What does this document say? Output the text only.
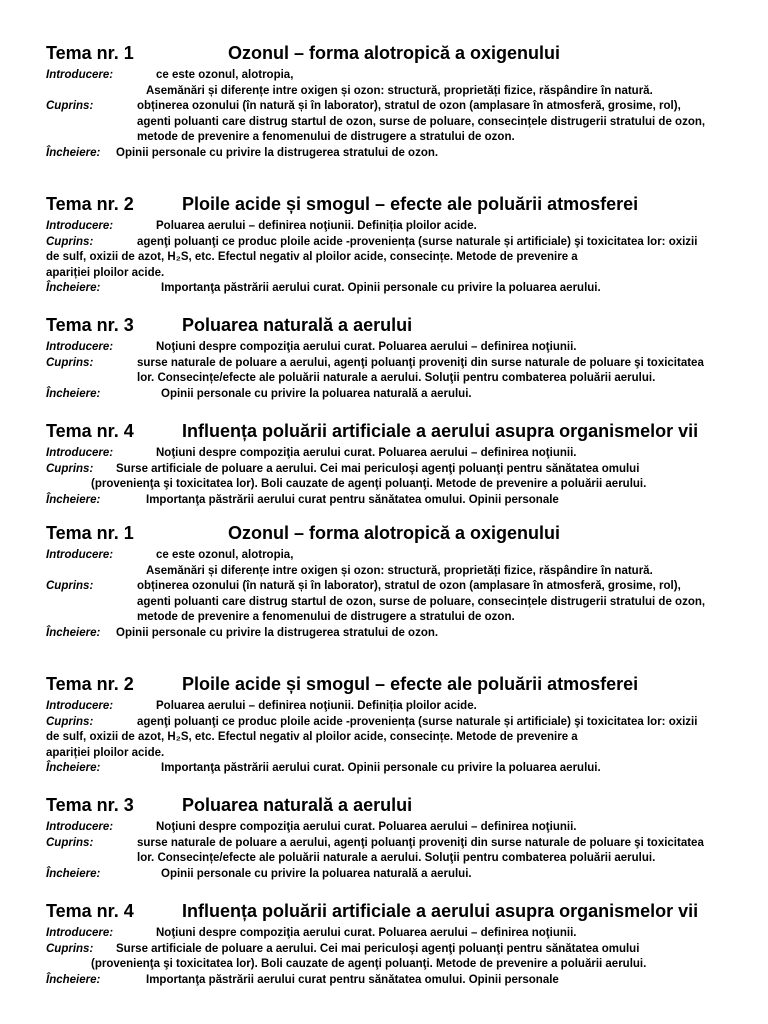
Tema nr. 1	Ozonul – forma alotropică a oxigenului
Introducere:	ce este ozonul, alotropia,
Asemănări și diferențe intre oxigen și ozon: structură, proprietăți fizice, răspândire în natură.
Cuprins:	obținerea ozonului (în natură și în laborator), stratul de ozon (amplasare în atmosferă, grosime, rol),
agenti poluanti care distrug startul de ozon, surse de poluare, consecințele distrugerii stratului de ozon,
metode de prevenire a fenomenului de distrugere a stratului de ozon.
Încheiere:	Opinii personale cu privire la distrugerea stratului de ozon.
Tema nr. 2	Ploile acide și smogul – efecte ale poluării atmosferei
Introducere:	Poluarea aerului – definirea noţiunii. Definiția ploilor acide.
Cuprins:	agenţi poluanţi ce produc ploile acide -proveniența (surse naturale și artificiale) şi toxicitatea lor: oxizii
de sulf, oxizii de azot, H₂S, etc. Efectul negativ al ploilor acide, consecințe. Metode de prevenire a
apariției ploilor acide.
Încheiere:	Importanţa păstrării aerului curat. Opinii personale cu privire la poluarea aerului.
Tema nr. 3	Poluarea naturală a aerului
Introducere:	Noţiuni despre compoziţia aerului curat. Poluarea aerului – definirea noţiunii.
Cuprins:	surse naturale de poluare a aerului, agenţi poluanţi proveniţi din surse naturale de poluare şi toxicitatea
lor. Consecințe/efecte ale poluării naturale a aerului. Soluţii pentru combaterea poluării aerului.
Încheiere:	Opinii personale cu privire la poluarea naturală a aerului.
Tema nr. 4	Influența poluării artificiale a aerului asupra organismelor vii
Introducere:	Noţiuni despre compoziţia aerului curat. Poluarea aerului – definirea noţiunii.
Cuprins:	Surse artificiale de poluare a aerului. Cei mai periculoşi agenţi poluanţi pentru sănătatea omului
(provenienţa şi toxicitatea lor). Boli cauzate de agenţi poluanţi. Metode de prevenire a poluării aerului.
Încheiere:	Importanţa păstrării aerului curat pentru sănătatea omului. Opinii personale
Tema nr. 1	Ozonul – forma alotropică a oxigenului
Introducere:	ce este ozonul, alotropia,
Asemănări și diferențe intre oxigen și ozon: structură, proprietăți fizice, răspândire în natură.
Cuprins:	obținerea ozonului (în natură și în laborator), stratul de ozon (amplasare în atmosferă, grosime, rol),
agenti poluanti care distrug startul de ozon, surse de poluare, consecințele distrugerii stratului de ozon,
metode de prevenire a fenomenului de distrugere a stratului de ozon.
Încheiere:	Opinii personale cu privire la distrugerea stratului de ozon.
Tema nr. 2	Ploile acide și smogul – efecte ale poluării atmosferei
Introducere:	Poluarea aerului – definirea noţiunii. Definiția ploilor acide.
Cuprins:	agenţi poluanţi ce produc ploile acide -proveniența (surse naturale și artificiale) şi toxicitatea lor: oxizii
de sulf, oxizii de azot, H₂S, etc. Efectul negativ al ploilor acide, consecințe. Metode de prevenire a
apariției ploilor acide.
Încheiere:	Importanţa păstrării aerului curat. Opinii personale cu privire la poluarea aerului.
Tema nr. 3	Poluarea naturală a aerului
Introducere:	Noţiuni despre compoziţia aerului curat. Poluarea aerului – definirea noţiunii.
Cuprins:	surse naturale de poluare a aerului, agenţi poluanţi proveniţi din surse naturale de poluare şi toxicitatea
lor. Consecințe/efecte ale poluării naturale a aerului. Soluţii pentru combaterea poluării aerului.
Încheiere:	Opinii personale cu privire la poluarea naturală a aerului.
Tema nr. 4	Influența poluării artificiale a aerului asupra organismelor vii
Introducere:	Noţiuni despre compoziţia aerului curat. Poluarea aerului – definirea noţiunii.
Cuprins:	Surse artificiale de poluare a aerului. Cei mai periculoşi agenţi poluanţi pentru sănătatea omului
(provenienţa şi toxicitatea lor). Boli cauzate de agenţi poluanţi. Metode de prevenire a poluării aerului.
Încheiere:	Importanţa păstrării aerului curat pentru sănătatea omului. Opinii personale
